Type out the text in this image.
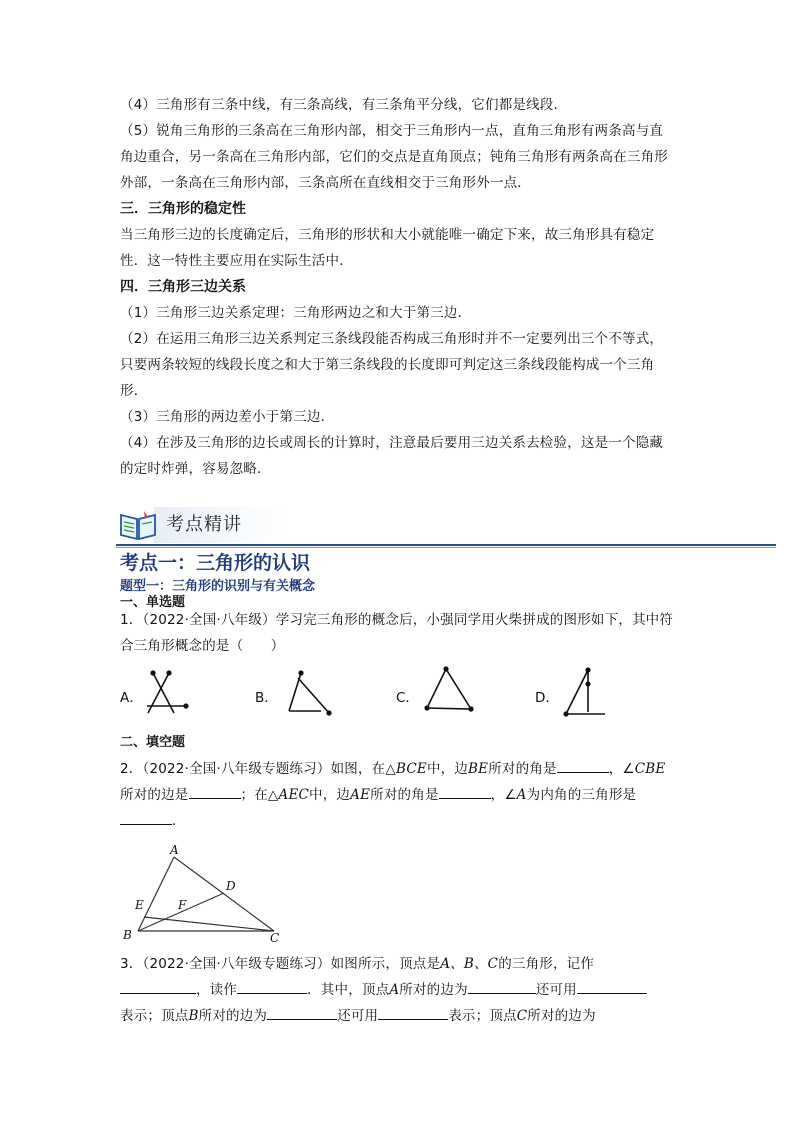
（4）三角形有三条中线，有三条高线，有三条角平分线，它们都是线段．

（5）锐角三角形的三条高在三角形内部，相交于三角形内一点，直角三角形有两条高与直

角边重合，另一条高在三角形内部，它们的交点是直角顶点；钝角三角形有两条高在三角形

外部，一条高在三角形内部，三条高所在直线相交于三角形外一点．

三．三角形的稳定性

当三角形三边的长度确定后，三角形的形状和大小就能唯一确定下来，故三角形具有稳定

性．这一特性主要应用在实际生活中．

四．三角形三边关系

（1）三角形三边关系定理：三角形两边之和大于第三边．

（2）在运用三角形三边关系判定三条线段能否构成三角形时并不一定要列出三个不等式，

只要两条较短的线段长度之和大于第三条线段的长度即可判定这三条线段能构成一个三角

形．

（3）三角形的两边差小于第三边．

（4）在涉及三角形的边长或周长的计算时，注意最后要用三边关系去检验，这是一个隐藏

的定时炸弹，容易忽略．

考点精讲
考点一：三角形的认识
题型一：三角形的识别与有关概念

一、单选题

1．（2022·全国·八年级）学习完三角形的概念后，小强同学用火柴拼成的图形如下，其中符

合三角形概念的是（　　）

A．	B．	C．	D．

二、填空题

2．（2022·全国·八年级专题练习）如图，在△BCE中，边BE所对的角是	，∠CBE

所对的边是	；在△AEC中，边AE所对的角是	，∠A为内角的三角形是

．

A
B	C
D
E	F

3．（2022·全国·八年级专题练习）如图所示，顶点是A、B、C的三角形，记作

，读作	．其中，顶点A所对的边为	还可用

表示；顶点B所对的边为	还可用	表示；顶点C所对的边为
